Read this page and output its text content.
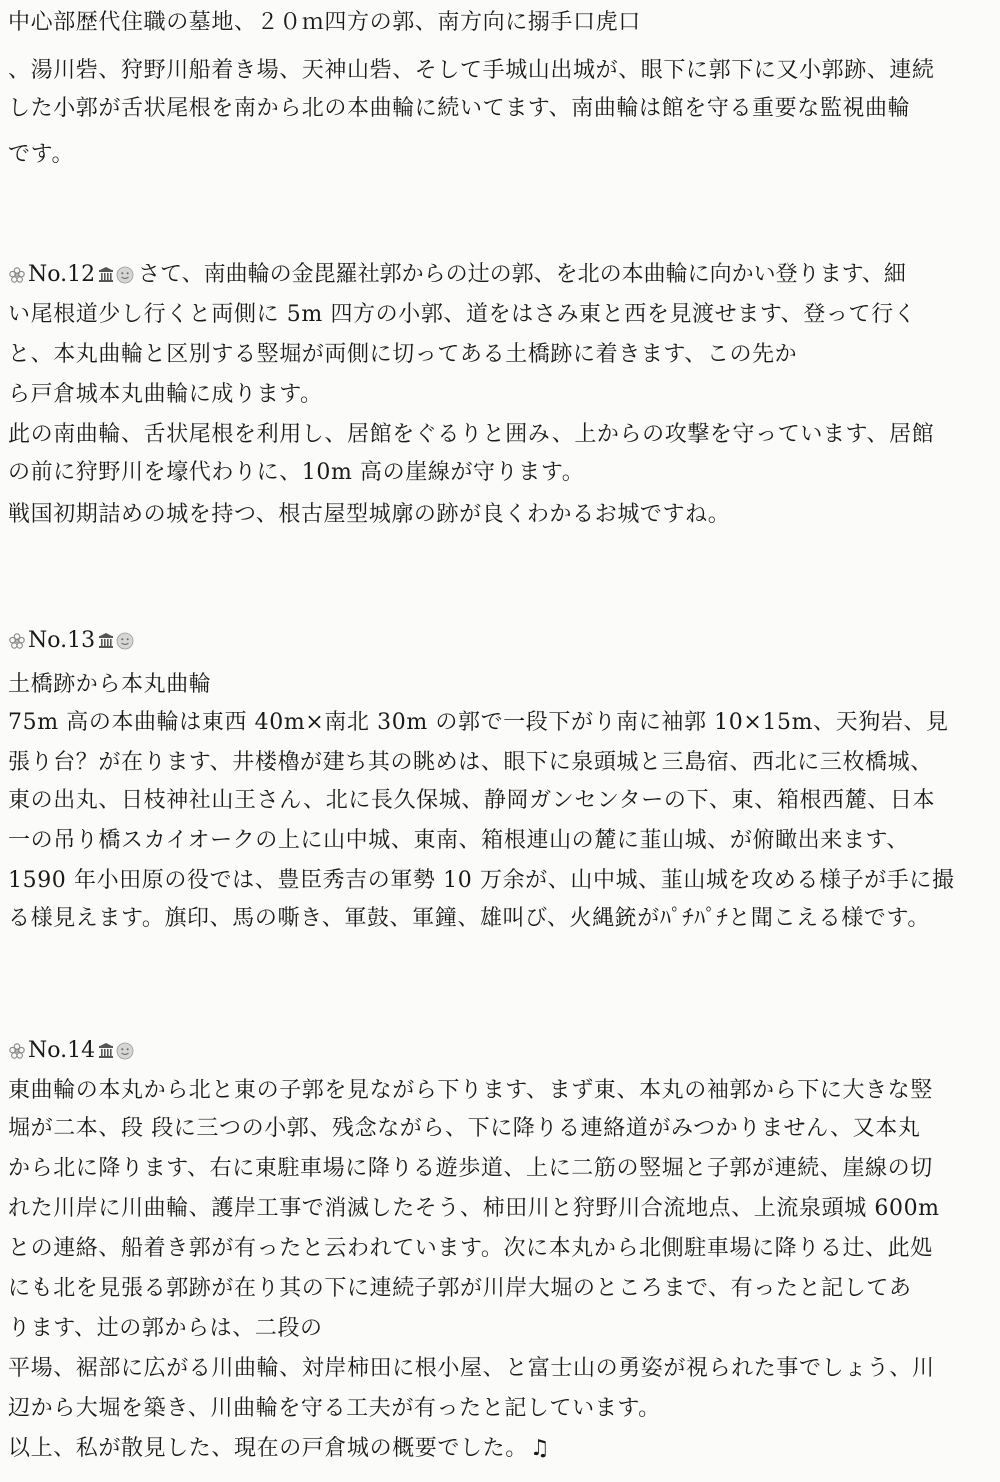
中心部歴代住職の墓地、２０ｍ四方の郭、南方向に搦手口虎口
、湯川砦、狩野川船着き場、天神山砦、そして手城山出城が、眼下に郭下に又小郭跡、連続
した小郭が舌状尾根を南から北の本曲輪に続いてます、南曲輪は館を守る重要な監視曲輪
です。
No.12 さて、南曲輪の金毘羅社郭からの辻の郭、を北の本曲輪に向かい登ります、細
い尾根道少し行くと両側に 5m 四方の小郭、道をはさみ東と西を見渡せます、登って行く
と、本丸曲輪と区別する竪堀が両側に切ってある土橋跡に着きます、この先か
ら戸倉城本丸曲輪に成ります。
此の南曲輪、舌状尾根を利用し、居館をぐるりと囲み、上からの攻撃を守っています、居館
の前に狩野川を壕代わりに、10m 高の崖線が守ります。
戦国初期詰めの城を持つ、根古屋型城廓の跡が良くわかるお城ですね。
No.13
土橋跡から本丸曲輪
75m 高の本曲輪は東西 40m×南北 30m の郭で一段下がり南に袖郭 10×15m、天狗岩、見
張り台？が在ります、井楼櫓が建ち其の眺めは、眼下に泉頭城と三島宿、西北に三枚橋城、
東の出丸、日枝神社山王さん、北に長久保城、静岡ガンセンターの下、東、箱根西麓、日本
一の吊り橋スカイオークの上に山中城、東南、箱根連山の麓に韮山城、が俯瞰出来ます、
1590 年小田原の役では、豊臣秀吉の軍勢 10 万余が、山中城、韮山城を攻める様子が手に撮
る様見えます。旗印、馬の嘶き、軍鼓、軍鐘、雄叫び、火縄銃がﾊﾟﾁﾊﾟﾁと聞こえる様です。
No.14
東曲輪の本丸から北と東の子郭を見ながら下ります、まず東、本丸の袖郭から下に大きな竪
堀が二本、段 段に三つの小郭、残念ながら、下に降りる連絡道がみつかりません、又本丸
から北に降ります、右に東駐車場に降りる遊歩道、上に二筋の竪堀と子郭が連続、崖線の切
れた川岸に川曲輪、護岸工事で消滅したそう、柿田川と狩野川合流地点、上流泉頭城 600m
との連絡、船着き郭が有ったと云われています。次に本丸から北側駐車場に降りる辻、此処
にも北を見張る郭跡が在り其の下に連続子郭が川岸大堀のところまで、有ったと記してあ
ります、辻の郭からは、二段の
平場、裾部に広がる川曲輪、対岸柿田に根小屋、と富士山の勇姿が視られた事でしょう、川
辺から大堀を築き、川曲輪を守る工夫が有ったと記しています。
以上、私が散見した、現在の戸倉城の概要でした。♫
